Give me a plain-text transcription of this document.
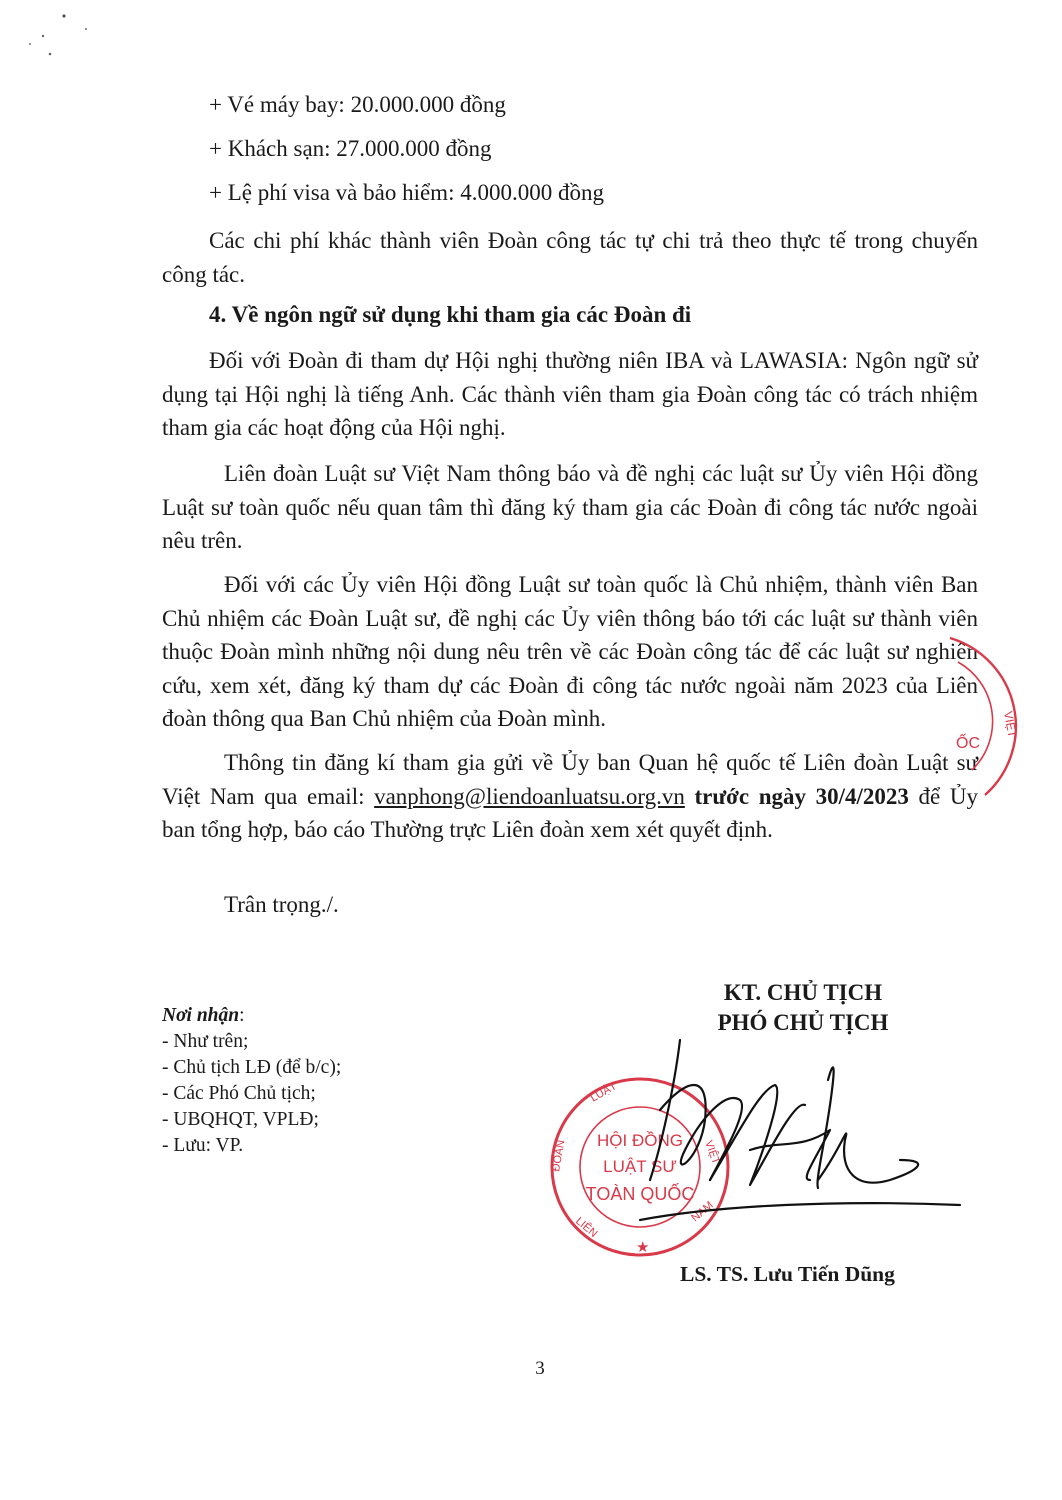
+ Vé máy bay: 20.000.000 đồng

+ Khách sạn: 27.000.000 đồng

+ Lệ phí visa và bảo hiểm: 4.000.000 đồng

Các chi phí khác thành viên Đoàn công tác tự chi trả theo thực tế trong chuyến công tác.

4. Về ngôn ngữ sử dụng khi tham gia các Đoàn đi

Đối với Đoàn đi tham dự Hội nghị thường niên IBA và LAWASIA: Ngôn ngữ sử dụng tại Hội nghị là tiếng Anh. Các thành viên tham gia Đoàn công tác có trách nhiệm tham gia các hoạt động của Hội nghị.

Liên đoàn Luật sư Việt Nam thông báo và đề nghị các luật sư Ủy viên Hội đồng Luật sư toàn quốc nếu quan tâm thì đăng ký tham gia các Đoàn đi công tác nước ngoài nêu trên.

Đối với các Ủy viên Hội đồng Luật sư toàn quốc là Chủ nhiệm, thành viên Ban Chủ nhiệm các Đoàn Luật sư, đề nghị các Ủy viên thông báo tới các luật sư thành viên thuộc Đoàn mình những nội dung nêu trên về các Đoàn công tác để các luật sư nghiên cứu, xem xét, đăng ký tham dự các Đoàn đi công tác nước ngoài năm 2023 của Liên đoàn thông qua Ban Chủ nhiệm của Đoàn mình.

Thông tin đăng kí tham gia gửi về Ủy ban Quan hệ quốc tế Liên đoàn Luật sư Việt Nam qua email: vanphong@liendoanluatsu.org.vn trước ngày 30/4/2023 để Ủy ban tổng hợp, báo cáo Thường trực Liên đoàn xem xét quyết định.

Trân trọng./.

Nơi nhận:
- Như trên;
- Chủ tịch LĐ (để b/c);
- Các Phó Chủ tịch;
- UBQHQT, VPLĐ;
- Lưu: VP.
KT. CHỦ TỊCH
PHÓ CHỦ TỊCH
VIỆT
ỐC
HỘI ĐỒNG
LUẬT SƯ
TOÀN QUỐC
★
LUẬT
ĐOÀN
LIÊN
VIỆT
NAM
LS. TS. Lưu Tiến Dũng
3
